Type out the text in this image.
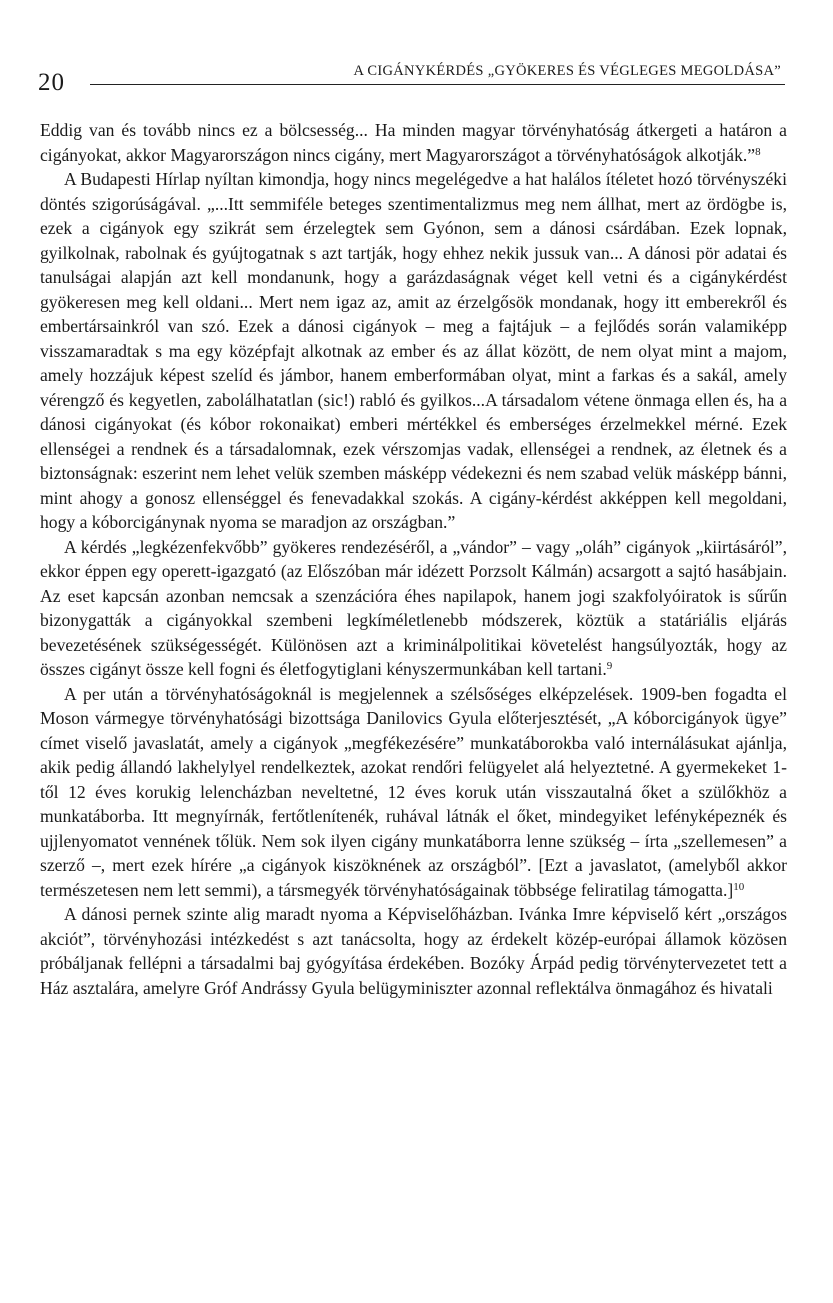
20	A CIGÁNYKÉRDÉS „GYÖKERES ÉS VÉGLEGES MEGOLDÁSA”

Eddig van és tovább nincs ez a bölcsesség... Ha minden magyar törvényhatóság átkergeti a határon a cigányokat, akkor Magyarországon nincs cigány, mert Magyarországot a törvényhatóságok alkotják.”$^8$

A Budapesti Hírlap nyíltan kimondja, hogy nincs megelégedve a hat halálos ítéletet hozó törvényszéki döntés szigorúságával. „...Itt semmiféle beteges szentimentalizmus meg nem állhat, mert az ördögbe is, ezek a cigányok egy szikrát sem érzelegtek sem Gyónon, sem a dánosi csárdában. Ezek lopnak, gyilkolnak, rabolnak és gyújtogatnak s azt tartják, hogy ehhez nekik jussuk van... A dánosi pör adatai és tanulságai alapján azt kell mondanunk, hogy a garázdaságnak véget kell vetni és a cigánykérdést gyökeresen meg kell oldani... Mert nem igaz az, amit az érzelgősök mondanak, hogy itt emberekről és embertársainkról van szó. Ezek a dánosi cigányok – meg a fajtájuk – a fejlődés során valamiképp visszamaradtak s ma egy középfajt alkotnak az ember és az állat között, de nem olyat mint a majom, amely hozzájuk képest szelíd és jámbor, hanem emberformában olyat, mint a farkas és a sakál, amely vérengző és kegyetlen, zabolálhatatlan (sic!) rabló és gyilkos...A társadalom vétene önmaga ellen és, ha a dánosi cigányokat (és kóbor rokonaikat) emberi mértékkel és emberséges érzelmekkel mérné. Ezek ellenségei a rendnek és a társadalomnak, ezek vérszomjas vadak, ellenségei a rendnek, az életnek és a biztonságnak: eszerint nem lehet velük szemben másképp védekezni és nem szabad velük másképp bánni, mint ahogy a gonosz ellenséggel és fenevadakkal szokás. A cigány-kérdést akképpen kell megoldani, hogy a kóborcigánynak nyoma se maradjon az országban.”

A kérdés „legkézenfekvőbb” gyökeres rendezéséről, a „vándor” – vagy „oláh” cigányok „kiirtásáról”, ekkor éppen egy operett-igazgató (az Előszóban már idézett Porzsolt Kálmán) acsargott a sajtó hasábjain. Az eset kapcsán azonban nemcsak a szenzációra éhes napilapok, hanem jogi szakfolyóiratok is sűrűn bizonygatták a cigányokkal szembeni legkíméletlenebb módszerek, köztük a statáriális eljárás bevezetésének szükségességét. Különösen azt a kriminálpolitikai követelést hangsúlyozták, hogy az összes cigányt össze kell fogni és életfogytiglani kényszermunkában kell tartani.$^9$

A per után a törvényhatóságoknál is megjelennek a szélsőséges elképzelések. 1909-ben fogadta el Moson vármegye törvényhatósági bizottsága Danilovics Gyula előterjesztését, „A kóborcigányok ügye” címet viselő javaslatát, amely a cigányok „megfékezésére” munkatáborokba való internálásukat ajánlja, akik pedig állandó lakhelylyel rendelkeztek, azokat rendőri felügyelet alá helyeztetné. A gyermekeket 1-től 12 éves korukig lelencházban neveltetné, 12 éves koruk után visszautalná őket a szülőkhöz a munkatáborba. Itt megnyírnák, fertőtlenítenék, ruhával látnák el őket, mindegyiket lefényképeznék és ujjlenyomatot vennének tőlük. Nem sok ilyen cigány munkatáborra lenne szükség – írta „szellemesen” a szerző –, mert ezek hírére „a cigányok kiszöknének az országból”. [Ezt a javaslatot, (amelyből akkor természetesen nem lett semmi), a társmegyék törvényhatóságainak többsége feliratilag támogatta.]$^{10}$

A dánosi pernek szinte alig maradt nyoma a Képviselőházban. Ivánka Imre képviselő kért „országos akciót”, törvényhozási intézkedést s azt tanácsolta, hogy az érdekelt közép-európai államok közösen próbáljanak fellépni a társadalmi baj gyógyítása érdekében. Bozóky Árpád pedig törvénytervezetet tett a Ház asztalára, amelyre Gróf Andrássy Gyula belügyminiszter azonnal reflektálva önmagához és hivatali
